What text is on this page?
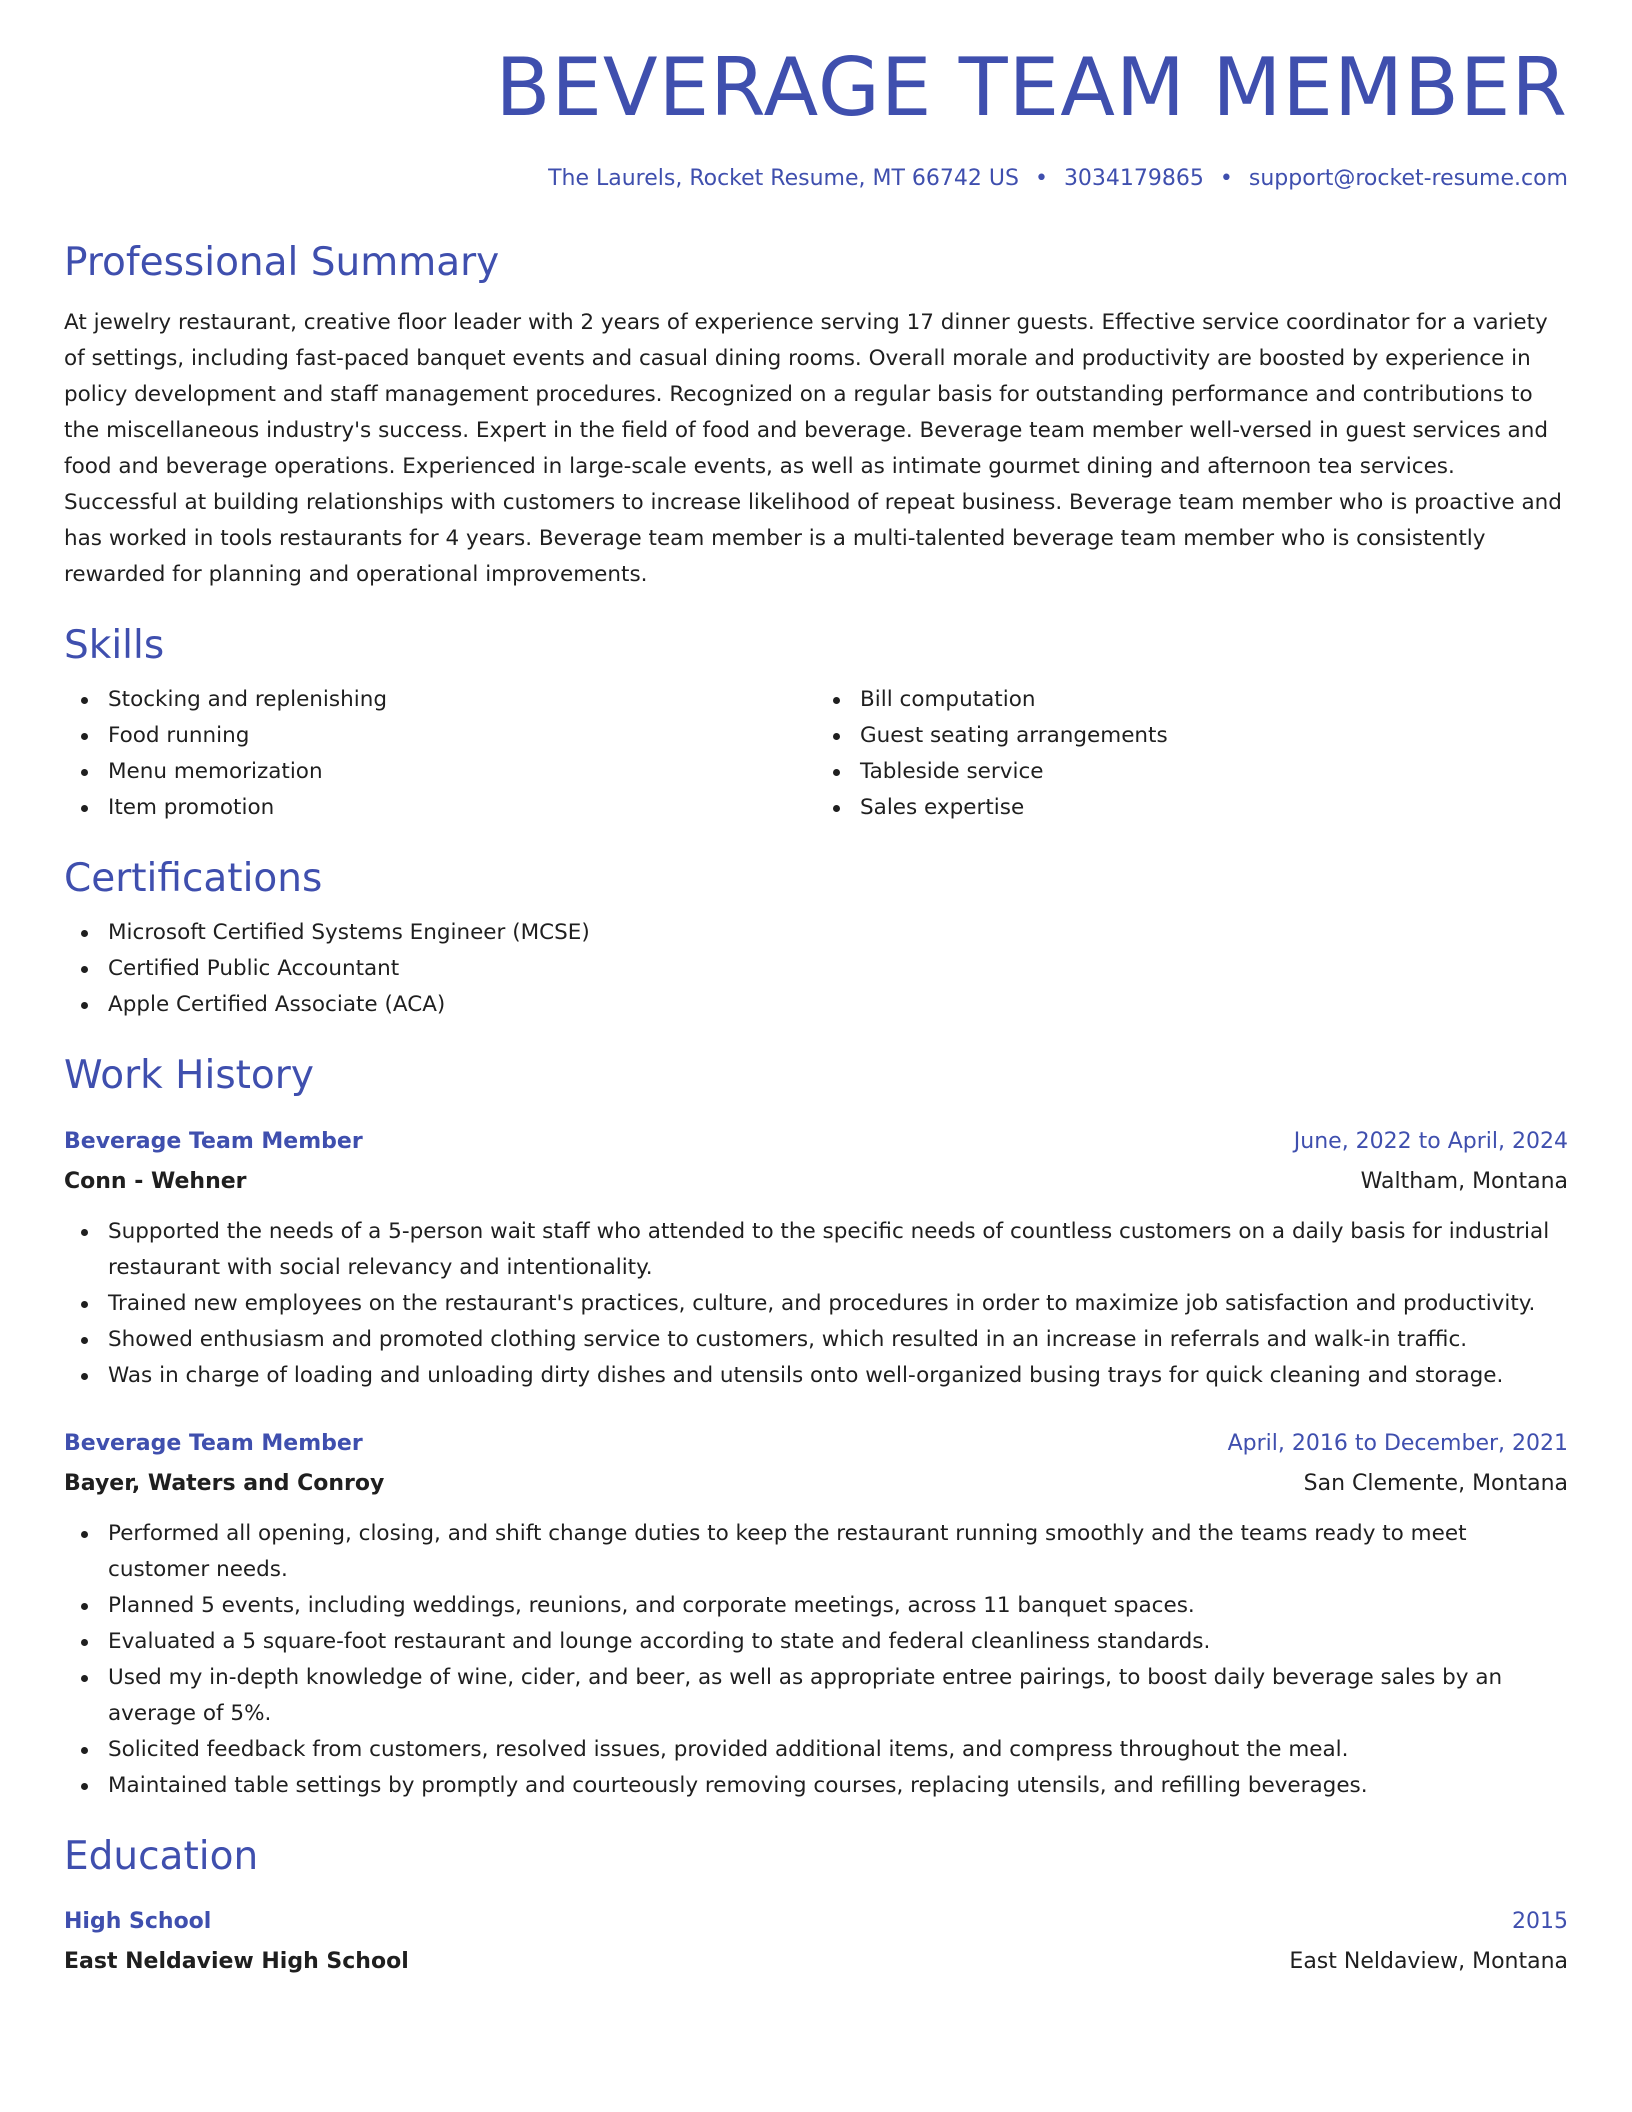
BEVERAGE TEAM MEMBER
The Laurels, Rocket Resume, MT 66742 US • 3034179865 • support@rocket-resume.com
Professional Summary
At jewelry restaurant, creative floor leader with 2 years of experience serving 17 dinner guests. Effective service coordinator for a variety of settings, including fast-paced banquet events and casual dining rooms. Overall morale and productivity are boosted by experience in policy development and staff management procedures. Recognized on a regular basis for outstanding performance and contributions to the miscellaneous industry's success. Expert in the field of food and beverage. Beverage team member well-versed in guest services and food and beverage operations. Experienced in large-scale events, as well as intimate gourmet dining and afternoon tea services. Successful at building relationships with customers to increase likelihood of repeat business. Beverage team member who is proactive and has worked in tools restaurants for 4 years. Beverage team member is a multi-talented beverage team member who is consistently rewarded for planning and operational improvements.
Skills
Stocking and replenishing
Food running
Menu memorization
Item promotion
Bill computation
Guest seating arrangements
Tableside service
Sales expertise
Certifications
Microsoft Certified Systems Engineer (MCSE)
Certified Public Accountant
Apple Certified Associate (ACA)
Work History
Beverage Team Member	June, 2022 to April, 2024
Conn - Wehner	Waltham, Montana
Supported the needs of a 5-person wait staff who attended to the specific needs of countless customers on a daily basis for industrial restaurant with social relevancy and intentionality.
Trained new employees on the restaurant's practices, culture, and procedures in order to maximize job satisfaction and productivity.
Showed enthusiasm and promoted clothing service to customers, which resulted in an increase in referrals and walk-in traffic.
Was in charge of loading and unloading dirty dishes and utensils onto well-organized busing trays for quick cleaning and storage.
Beverage Team Member	April, 2016 to December, 2021
Bayer, Waters and Conroy	San Clemente, Montana
Performed all opening, closing, and shift change duties to keep the restaurant running smoothly and the teams ready to meet customer needs.
Planned 5 events, including weddings, reunions, and corporate meetings, across 11 banquet spaces.
Evaluated a 5 square-foot restaurant and lounge according to state and federal cleanliness standards.
Used my in-depth knowledge of wine, cider, and beer, as well as appropriate entree pairings, to boost daily beverage sales by an average of 5%.
Solicited feedback from customers, resolved issues, provided additional items, and compress throughout the meal.
Maintained table settings by promptly and courteously removing courses, replacing utensils, and refilling beverages.
Education
High School	2015
East Neldaview High School	East Neldaview, Montana
